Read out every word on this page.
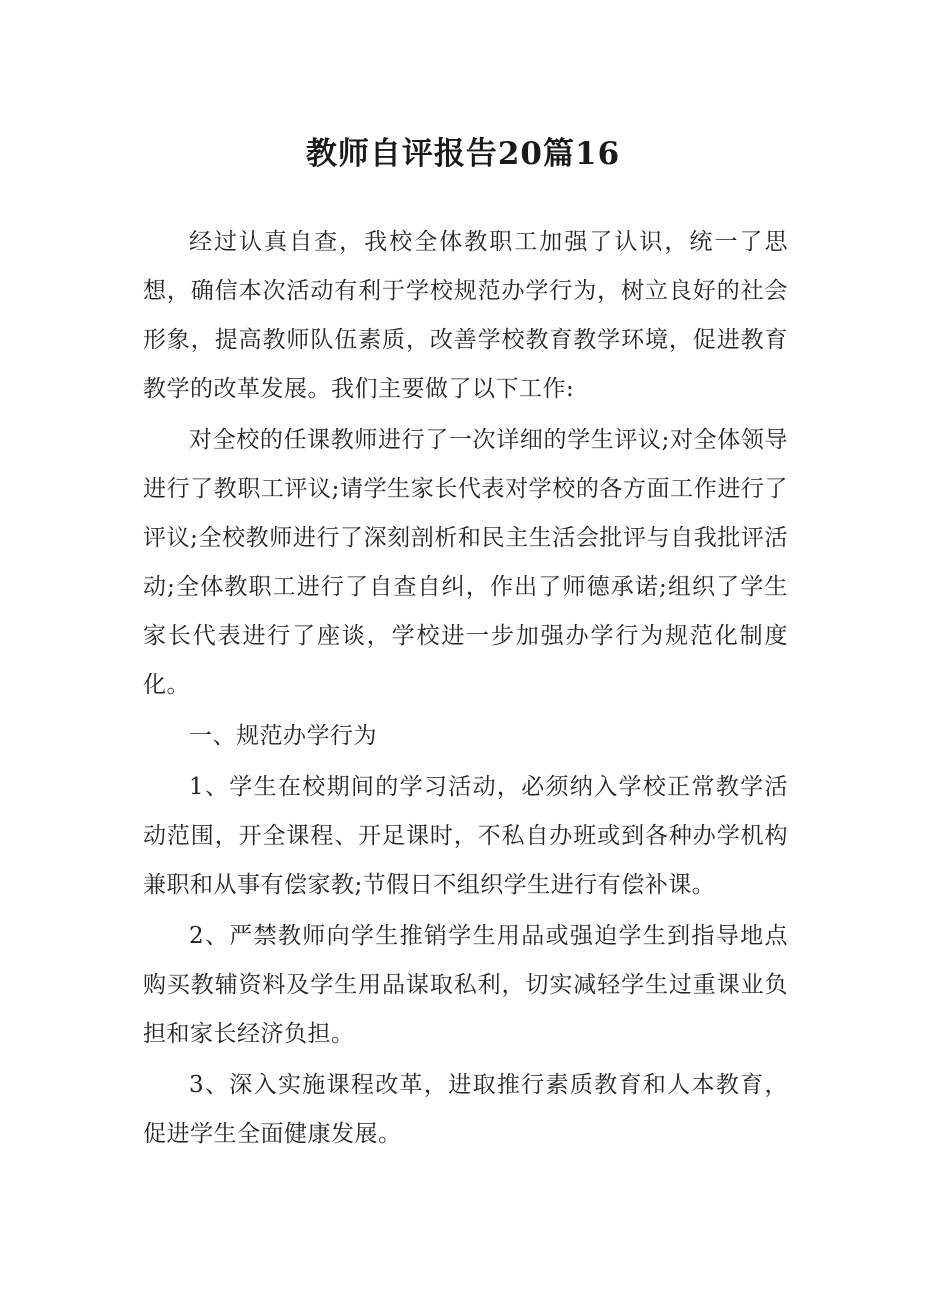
教师自评报告20篇16

经过认真自查，我校全体教职工加强了认识，统一了思想，确信本次活动有利于学校规范办学行为，树立良好的社会形象，提高教师队伍素质，改善学校教育教学环境，促进教育教学的改革发展。我们主要做了以下工作:

对全校的任课教师进行了一次详细的学生评议;对全体领导进行了教职工评议;请学生家长代表对学校的各方面工作进行了评议;全校教师进行了深刻剖析和民主生活会批评与自我批评活动;全体教职工进行了自查自纠，作出了师德承诺;组织了学生家长代表进行了座谈，学校进一步加强办学行为规范化制度化。

一、规范办学行为

1、学生在校期间的学习活动，必须纳入学校正常教学活动范围，开全课程、开足课时，不私自办班或到各种办学机构兼职和从事有偿家教;节假日不组织学生进行有偿补课。

2、严禁教师向学生推销学生用品或强迫学生到指导地点购买教辅资料及学生用品谋取私利，切实减轻学生过重课业负担和家长经济负担。

3、深入实施课程改革，进取推行素质教育和人本教育，促进学生全面健康发展。
